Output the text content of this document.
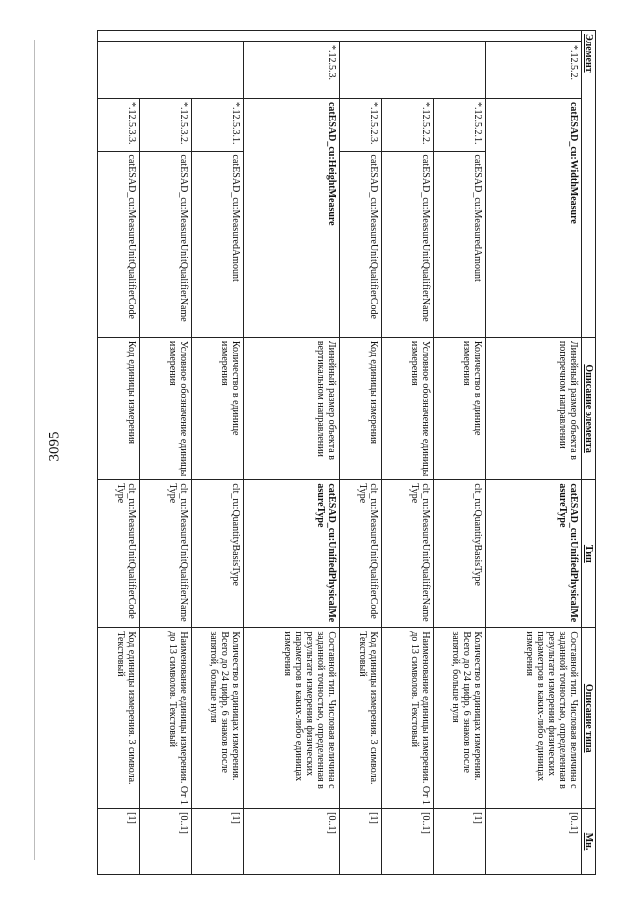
3095
Элемент				Описание элемента	Тип	Описание типа	Мн.
	*.12.5.2.	catESAD_cu:WidthMeasure		Линейный размер объекта в поперечном направлении	catESAD_cu:UnifiedPhysicalMeasureType	Составной тип. Числовая величина с заданной точностью, определенная в результате измерения физических параметров в каких-либо единицах измерения	[0..1]
		*.12.5.2.1.	catESAD_cu:MeasuredAmount	Количество в единице измерения	clt_ru:QuantityBasisType	Количество в единицах измерения. Всего до 24 цифр, 6 знаков после запятой, больше нуля	[1]
		*.12.5.2.2.	catESAD_cu:MeasureUnitQualifierName	Условное обозначение единицы измерения	clt_ru:MeasureUnitQualifierNameType	Наименование единицы измерения. От 1 до 13 символов. Текстовый	[0..1]
		*.12.5.2.3.	catESAD_cu:MeasureUnitQualifierCode	Код единицы измерения	clt_ru:MeasureUnitQualifierCodeType	Код единицы измерения. 3 символа. Текстовый	[1]
	*.12.5.3.	catESAD_cu:HeightMeasure		Линейный размер объекта в вертикальном направлении	catESAD_cu:UnifiedPhysicalMeasureType	Составной тип. Числовая величина с заданной точностью, определенная в результате измерения физических параметров в каких-либо единицах измерения	[0..1]
		*.12.5.3.1.	catESAD_cu:MeasuredAmount	Количество в единице измерения	clt_ru:QuantityBasisType	Количество в единицах измерения. Всего до 24 цифр, 6 знаков после запятой, больше нуля	[1]
		*.12.5.3.2.	catESAD_cu:MeasureUnitQualifierName	Условное обозначение единицы измерения	clt_ru:MeasureUnitQualifierNameType	Наименование единицы измерения. От 1 до 13 символов. Текстовый	[0..1]
		*.12.5.3.3.	catESAD_cu:MeasureUnitQualifierCode	Код единицы измерения	clt_ru:MeasureUnitQualifierCodeType	Код единицы измерения. 3 символа. Текстовый	[1]
